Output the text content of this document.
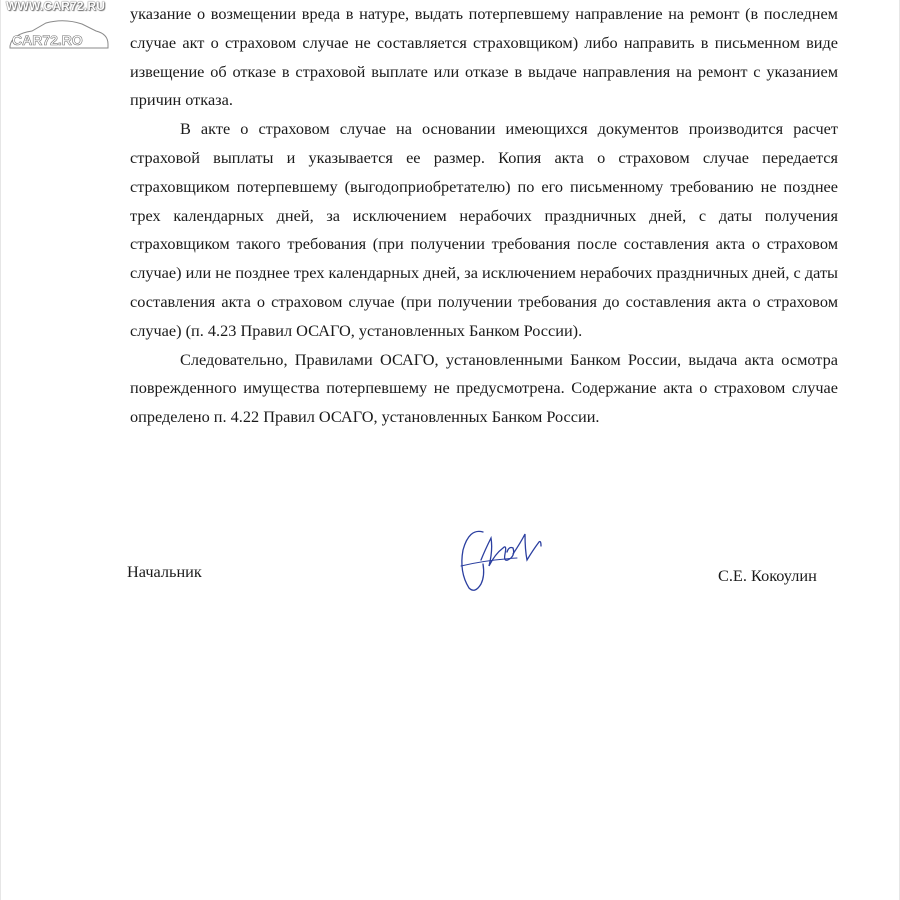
WWW.CAR72.RU
CAR72.RO

указание о возмещении вреда в натуре, выдать потерпевшему направление на ремонт (в последнем случае акт о страховом случае не составляется страховщиком) либо направить в письменном виде извещение об отказе в страховой выплате или отказе в выдаче направления на ремонт с указанием причин отказа.

В акте о страховом случае на основании имеющихся документов производится расчет страховой выплаты и указывается ее размер. Копия акта о страховом случае передается страховщиком потерпевшему (выгодоприобретателю) по его письменному требованию не позднее трех календарных дней, за исключением нерабочих праздничных дней, с даты получения страховщиком такого требования (при получении требования после составления акта о страховом случае) или не позднее трех календарных дней, за исключением нерабочих праздничных дней, с даты составления акта о страховом случае (при получении требования до составления акта о страховом случае) (п. 4.23 Правил ОСАГО, установленных Банком России).

Следовательно, Правилами ОСАГО, установленными Банком России, выдача акта осмотра поврежденного имущества потерпевшему не предусмотрена. Содержание акта о страховом случае определено п. 4.22 Правил ОСАГО, установленных Банком России.

Начальник	С.Е. Кокоулин
